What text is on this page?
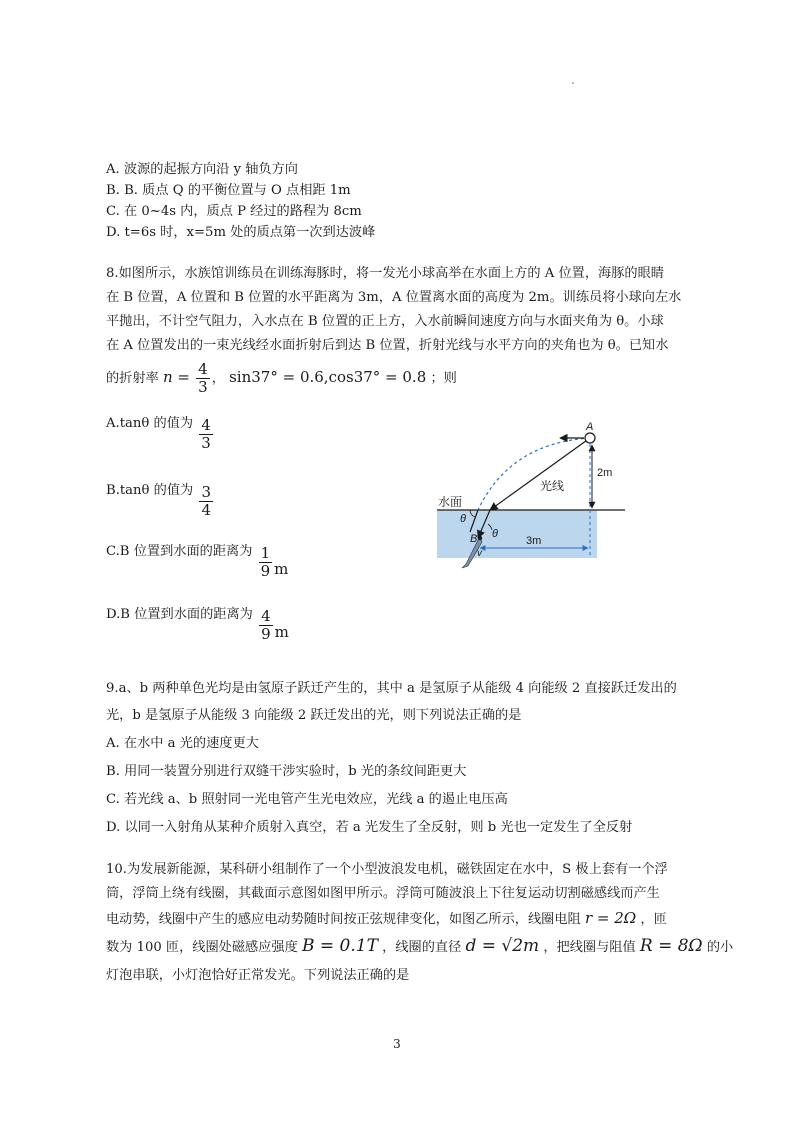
A. 波源的起振方向沿 y 轴负方向
B. B. 质点 Q 的平衡位置与 O 点相距 1m
C. 在 0~4s 内，质点 P 经过的路程为 8cm
D. t=6s 时，x=5m 处的质点第一次到达波峰
8.如图所示，水族馆训练员在训练海豚时，将一发光小球高举在水面上方的 A 位置，海豚的眼睛
在 B 位置，A 位置和 B 位置的水平距离为 3m，A 位置离水面的高度为 2m。训练员将小球向左水
平抛出，不计空气阻力，入水点在 B 位置的正上方，入水前瞬间速度方向与水面夹角为 θ。小球
在 A 位置发出的一束光线经水面折射后到达 B 位置，折射光线与水平方向的夹角也为 θ。已知水
的折射率 $n = \frac{4}{3}$ ， sin37° = 0.6,cos37° = 0.8 ；则
A.tanθ 的值为 $\frac{4}{3}$
B.tanθ 的值为 $\frac{3}{4}$
C.B 位置到水面的距离为 $\frac{1}{9}$ m
D.B 位置到水面的距离为 $\frac{4}{9}$ m
A
2m
光线
水面
θ
θ
B
v
3m
9.a、b 两种单色光均是由氢原子跃迁产生的，其中 a 是氢原子从能级 4 向能级 2 直接跃迁发出的
光，b 是氢原子从能级 3 向能级 2 跃迁发出的光，则下列说法正确的是
A. 在水中 a 光的速度更大
B. 用同一装置分别进行双缝干涉实验时，b 光的条纹间距更大
C. 若光线 a、b 照射同一光电管产生光电效应，光线 a 的遏止电压高
D. 以同一入射角从某种介质射入真空，若 a 光发生了全反射，则 b 光也一定发生了全反射
10.为发展新能源，某科研小组制作了一个小型波浪发电机，磁铁固定在水中，S 极上套有一个浮
筒，浮筒上绕有线圈，其截面示意图如图甲所示。浮筒可随波浪上下往复运动切割磁感线而产生
电动势，线圈中产生的感应电动势随时间按正弦规律变化，如图乙所示，线圈电阻 r = 2Ω ，匝
数为 100 匝，线圈处磁感应强度 B = 0.1T ，线圈的直径 d = √2m ，把线圈与阻值 R = 8Ω 的小
灯泡串联，小灯泡恰好正常发光。下列说法正确的是
3
